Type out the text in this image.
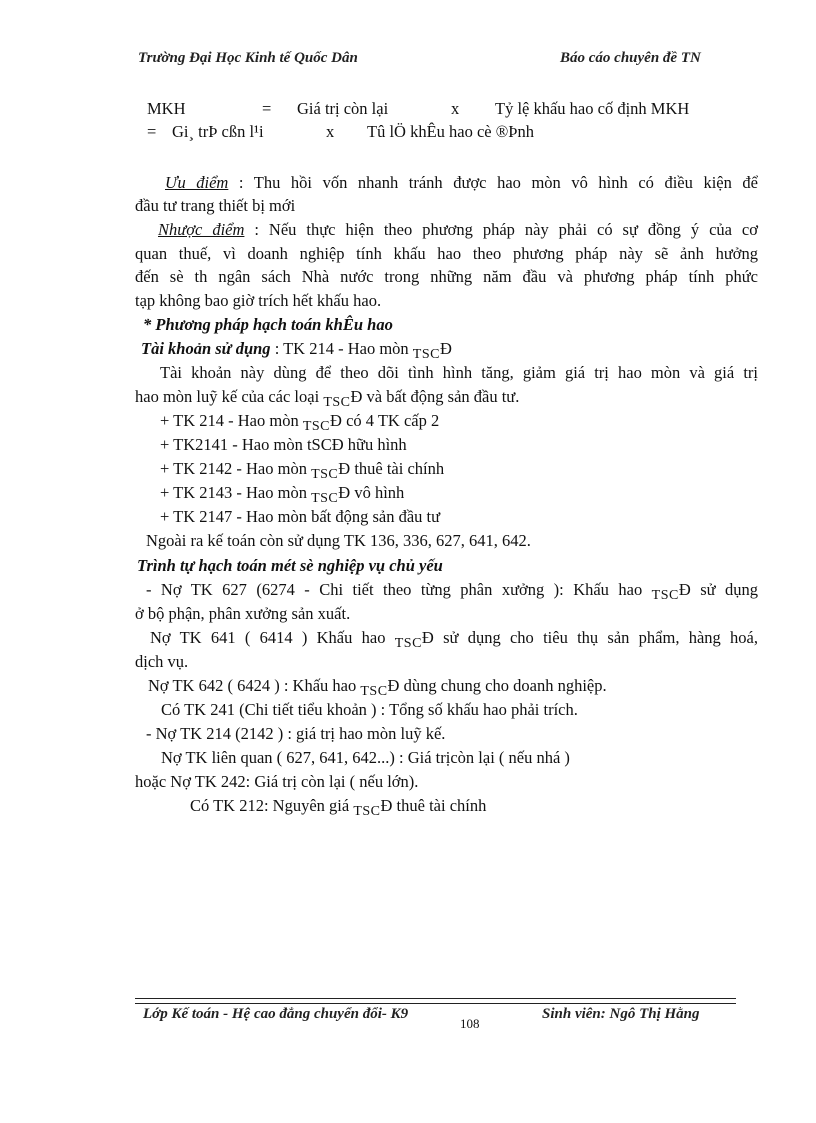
Trường Đại Học Kinh tế Quốc Dân	Báo cáo chuyên đề TN
MKH	= Giá trị còn lại	x Tỷ lệ khấu hao cố định MKH
= Gi¸ trÞ cßn l¹i	x Tû lÖ khÊu hao cè ®Þnh
Ưu điểm : Thu hồi vốn nhanh tránh được hao mòn vô hình có điều kiện để
đầu tư trang thiết bị mới
Nhược điểm : Nếu thực hiện theo phương pháp này phải có sự đồng ý của cơ
quan thuế, vì doanh nghiệp tính khấu hao theo phương pháp này sẽ ảnh hưởng
đến sè th ngân sách Nhà nước trong những năm đầu và phương pháp tính phức
tạp không bao giờ trích hết khấu hao.
* Phương pháp hạch toán khÊu hao
Tài khoản sử dụng : TK 214 - Hao mòn $_{TSC}$Đ
Tài khoản này dùng để theo dõi tình hình tăng, giảm giá trị hao mòn và giá trị
hao mòn luỹ kế của các loại $_{TSC}$Đ và bất động sản đầu tư.
+ TK 214 - Hao mòn $_{TSC}$Đ có 4 TK cấp 2
+ TK2141 - Hao mòn tSCĐ hữu hình
+ TK 2142 - Hao mòn $_{TSC}$Đ thuê tài chính
+ TK 2143 - Hao mòn $_{TSC}$Đ vô hình
+ TK 2147 - Hao mòn bất động sản đầu tư
Ngoài ra kế toán còn sử dụng TK 136, 336, 627, 641, 642.
Trình tự hạch toán mét sè nghiệp vụ chủ yếu
- Nợ TK 627 (6274 - Chi tiết theo từng phân xưởng ): Khấu hao $_{TSC}$Đ sử dụng
ở bộ phận, phân xưởng sản xuất.
Nợ TK 641 ( 6414 ) Khấu hao $_{TSC}$Đ sử dụng cho tiêu thụ sản phẩm, hàng hoá,
dịch vụ.
Nợ TK 642 ( 6424 ) : Khấu hao $_{TSC}$Đ dùng chung cho doanh nghiệp.
Có TK 241 (Chi tiết tiểu khoản ) : Tổng số khấu hao phải trích.
- Nợ TK 214 (2142 ) : giá trị hao mòn luỹ kế.
Nợ TK liên quan ( 627, 641, 642...) : Giá trịcòn lại ( nếu nhá )
hoặc Nợ TK 242: Giá trị còn lại ( nếu lớn).
Có TK 212: Nguyên giá $_{TSC}$Đ thuê tài chính
Lớp Kế toán - Hệ cao đẳng chuyển đổi- K9
108
Sinh viên: Ngô Thị Hằng
